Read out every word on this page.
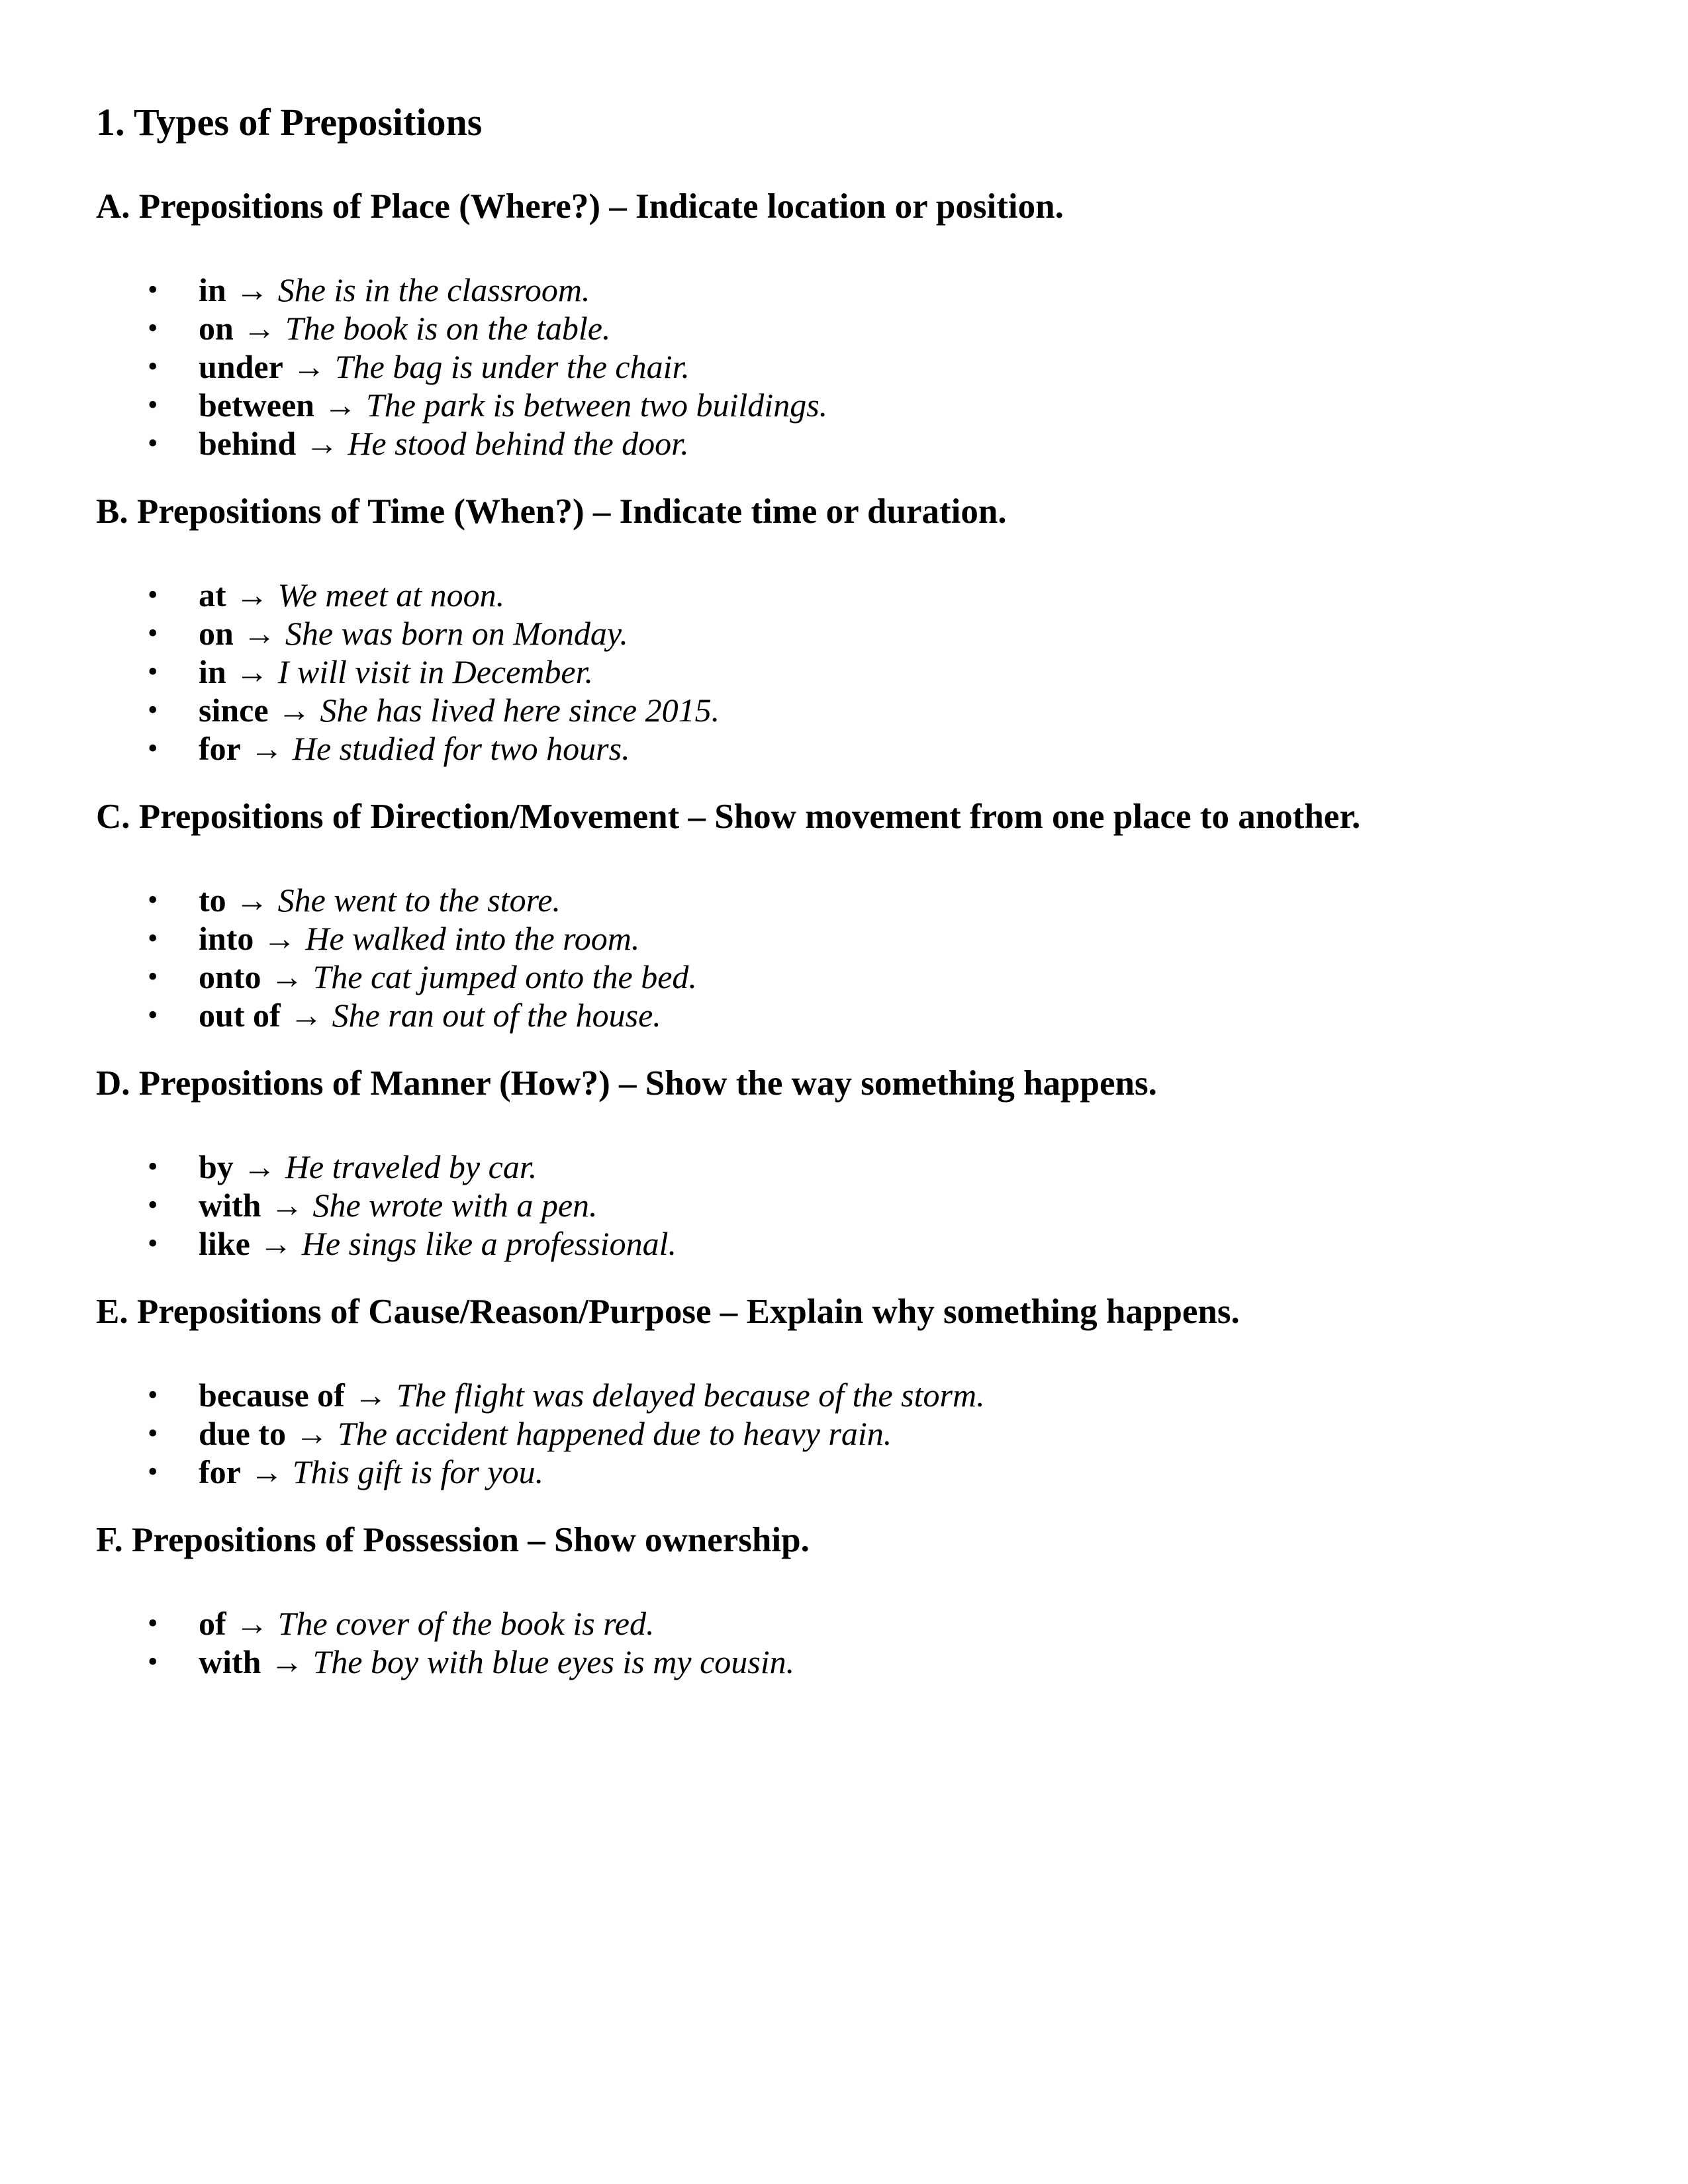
1. Types of Prepositions
A. Prepositions of Place (Where?) – Indicate location or position.
• in → She is in the classroom.
• on → The book is on the table.
• under → The bag is under the chair.
• between → The park is between two buildings.
• behind → He stood behind the door.
B. Prepositions of Time (When?) – Indicate time or duration.
• at → We meet at noon.
• on → She was born on Monday.
• in → I will visit in December.
• since → She has lived here since 2015.
• for → He studied for two hours.
C. Prepositions of Direction/Movement – Show movement from one place to another.
• to → She went to the store.
• into → He walked into the room.
• onto → The cat jumped onto the bed.
• out of → She ran out of the house.
D. Prepositions of Manner (How?) – Show the way something happens.
• by → He traveled by car.
• with → She wrote with a pen.
• like → He sings like a professional.
E. Prepositions of Cause/Reason/Purpose – Explain why something happens.
• because of → The flight was delayed because of the storm.
• due to → The accident happened due to heavy rain.
• for → This gift is for you.
F. Prepositions of Possession – Show ownership.
• of → The cover of the book is red.
• with → The boy with blue eyes is my cousin.
